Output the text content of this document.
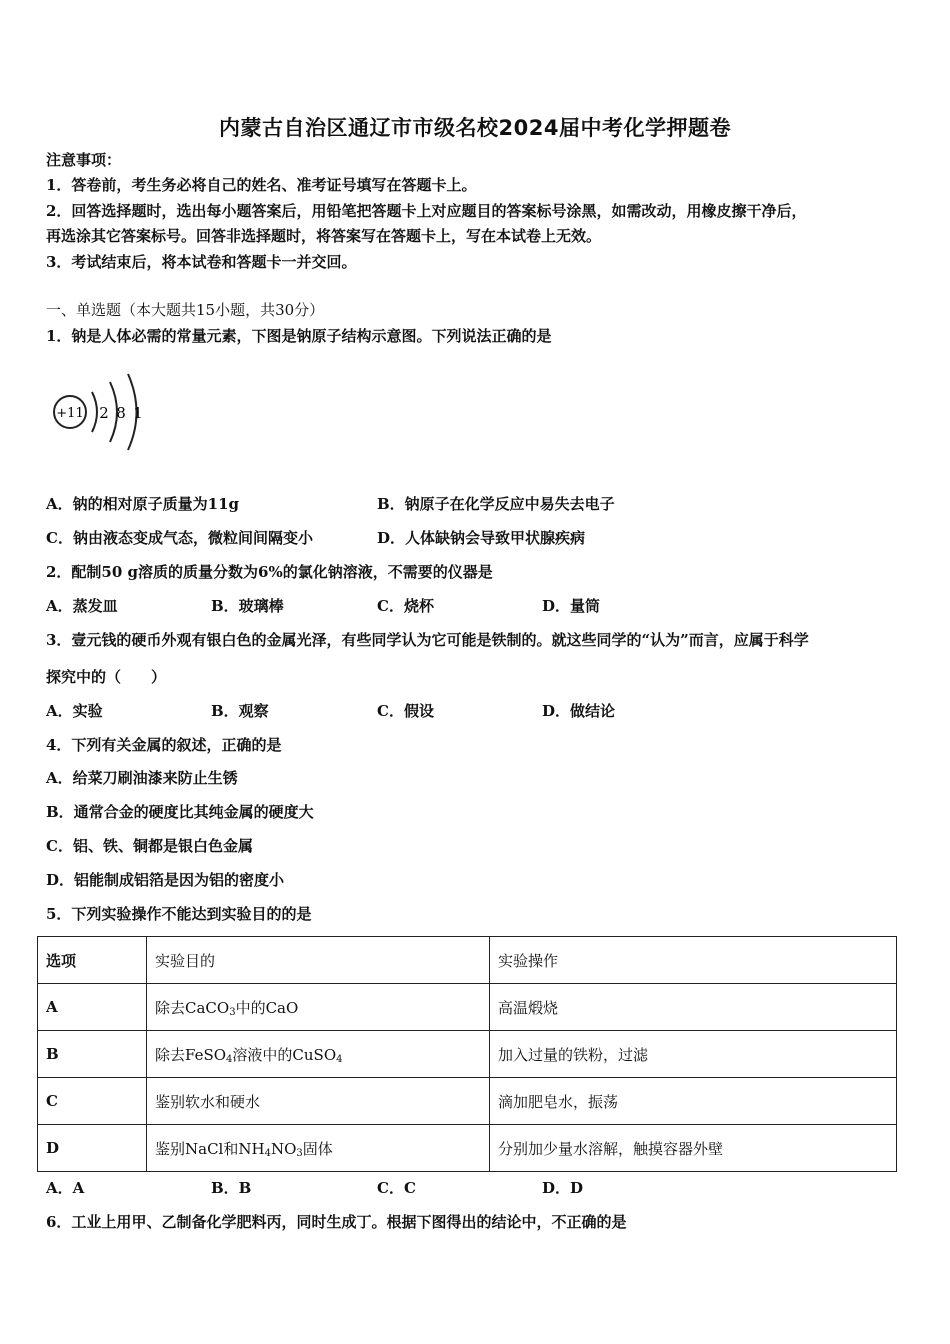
内蒙古自治区通辽市市级名校2024届中考化学押题卷
注意事项：
1．答卷前，考生务必将自己的姓名、准考证号填写在答题卡上。
2．回答选择题时，选出每小题答案后，用铅笔把答题卡上对应题目的答案标号涂黑，如需改动，用橡皮擦干净后，
再选涂其它答案标号。回答非选择题时，将答案写在答题卡上，写在本试卷上无效。
3．考试结束后，将本试卷和答题卡一并交回。
一、单选题（本大题共15小题，共30分）
1．钠是人体必需的常量元素，下图是钠原子结构示意图。下列说法正确的是
+11 2 8 1
A．钠的相对原子质量为11g	B．钠原子在化学反应中易失去电子
C．钠由液态变成气态，微粒间间隔变小	D．人体缺钠会导致甲状腺疾病
2．配制50 g溶质的质量分数为6%的氯化钠溶液，不需要的仪器是
A．蒸发皿	B．玻璃棒	C．烧杯	D．量筒
3．壹元钱的硬币外观有银白色的金属光泽，有些同学认为它可能是铁制的。就这些同学的“认为”而言，应属于科学
探究中的（　　）
A．实验	B．观察	C．假设	D．做结论
4．下列有关金属的叙述，正确的是
A．给菜刀刷油漆来防止生锈
B．通常合金的硬度比其纯金属的硬度大
C．铝、铁、铜都是银白色金属
D．铝能制成铝箔是因为铝的密度小
5．下列实验操作不能达到实验目的的是
选项	实验目的	实验操作
A	除去CaCO$_3$中的CaO	高温煅烧
B	除去FeSO$_4$溶液中的CuSO$_4$	加入过量的铁粉，过滤
C	鉴别软水和硬水	滴加肥皂水，振荡
D	鉴别NaCl和$NH_4NO_3$固体	分别加少量水溶解，触摸容器外壁
A．A	B．B	C．C	D．D
6．工业上用甲、乙制备化学肥料丙，同时生成丁。根据下图得出的结论中，不正确的是
